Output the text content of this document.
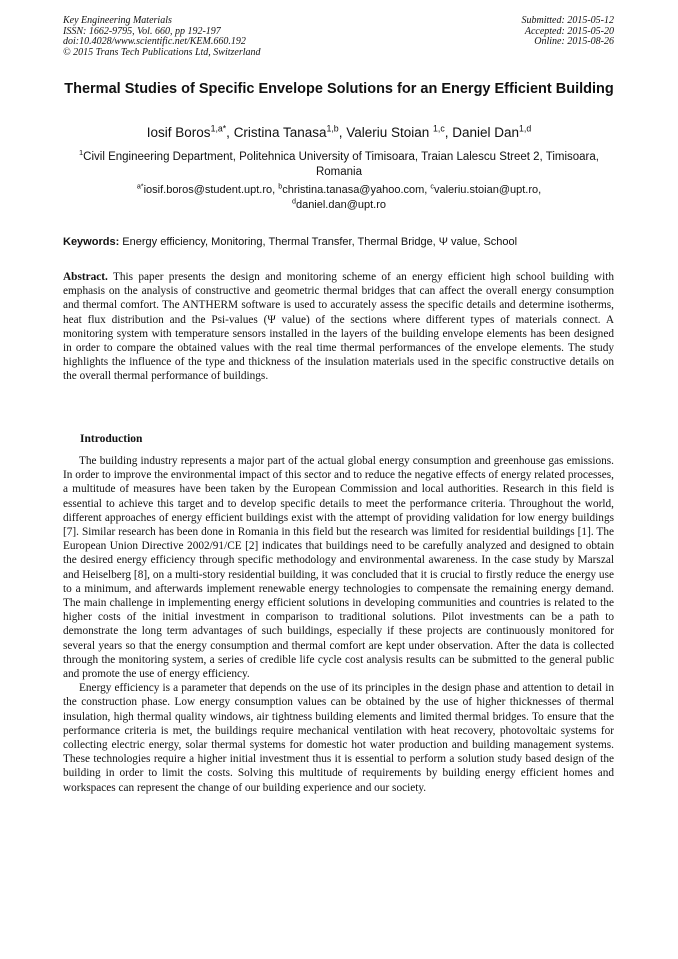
Key Engineering Materials
ISSN: 1662-9795, Vol. 660, pp 192-197
doi:10.4028/www.scientific.net/KEM.660.192
© 2015 Trans Tech Publications Ltd, Switzerland
Submitted: 2015-05-12
Accepted: 2015-05-20
Online: 2015-08-26
Thermal Studies of Specific Envelope Solutions for an Energy Efficient Building
Iosif Boros$^{1,a*}$, Cristina Tanasa$^{1,b}$, Valeriu Stoian $^{1,c}$, Daniel Dan$^{1,d}$
$^1$Civil Engineering Department, Politehnica University of Timisoara, Traian Lalescu Street 2, Timisoara, Romania
$^{a*}$iosif.boros@student.upt.ro, $^b$christina.tanasa@yahoo.com, $^c$valeriu.stoian@upt.ro,
$^d$daniel.dan@upt.ro
Keywords: Energy efficiency, Monitoring, Thermal Transfer, Thermal Bridge, Ψ value, School
Abstract. This paper presents the design and monitoring scheme of an energy efficient high school building with emphasis on the analysis of constructive and geometric thermal bridges that can affect the overall energy consumption and thermal comfort. The ANTHERM software is used to accurately assess the specific details and determine isotherms, heat flux distribution and the Psi-values (Ψ value) of the sections where different types of materials connect. A monitoring system with temperature sensors installed in the layers of the building envelope elements has been designed in order to compare the obtained values with the real time thermal performances of the envelope elements. The study highlights the influence of the type and thickness of the insulation materials used in the specific constructive details on the overall thermal performance of buildings.
Introduction

The building industry represents a major part of the actual global energy consumption and greenhouse gas emissions. In order to improve the environmental impact of this sector and to reduce the negative effects of energy related processes, a multitude of measures have been taken by the European Commission and local authorities. Research in this field is essential to achieve this target and to develop specific details to meet the performance criteria. Throughout the world, different approaches of energy efficient buildings exist with the attempt of providing validation for low energy buildings [7]. Similar research has been done in Romania in this field but the research was limited for residential buildings [1]. The European Union Directive 2002/91/CE [2] indicates that buildings need to be carefully analyzed and designed to obtain the desired energy efficiency through specific methodology and environmental awareness. In the case study by Marszal and Heiselberg [8], on a multi-story residential building, it was concluded that it is crucial to firstly reduce the energy use to a minimum, and afterwards implement renewable energy technologies to compensate the remaining energy demand. The main challenge in implementing energy efficient solutions in developing communities and countries is related to the higher costs of the initial investment in comparison to traditional solutions. Pilot investments can be a path to demonstrate the long term advantages of such buildings, especially if these projects are continuously monitored for several years so that the energy consumption and thermal comfort are kept under observation. After the data is collected through the monitoring system, a series of credible life cycle cost analysis results can be submitted to the general public and promote the use of energy efficiency.

Energy efficiency is a parameter that depends on the use of its principles in the design phase and attention to detail in the construction phase. Low energy consumption values can be obtained by the use of higher thicknesses of thermal insulation, high thermal quality windows, air tightness building elements and limited thermal bridges. To ensure that the performance criteria is met, the buildings require mechanical ventilation with heat recovery, photovoltaic systems for collecting electric energy, solar thermal systems for domestic hot water production and building management systems. These technologies require a higher initial investment thus it is essential to perform a solution study based design of the building in order to limit the costs. Solving this multitude of requirements by building energy efficient homes and workspaces can represent the change of our building experience and our society.
